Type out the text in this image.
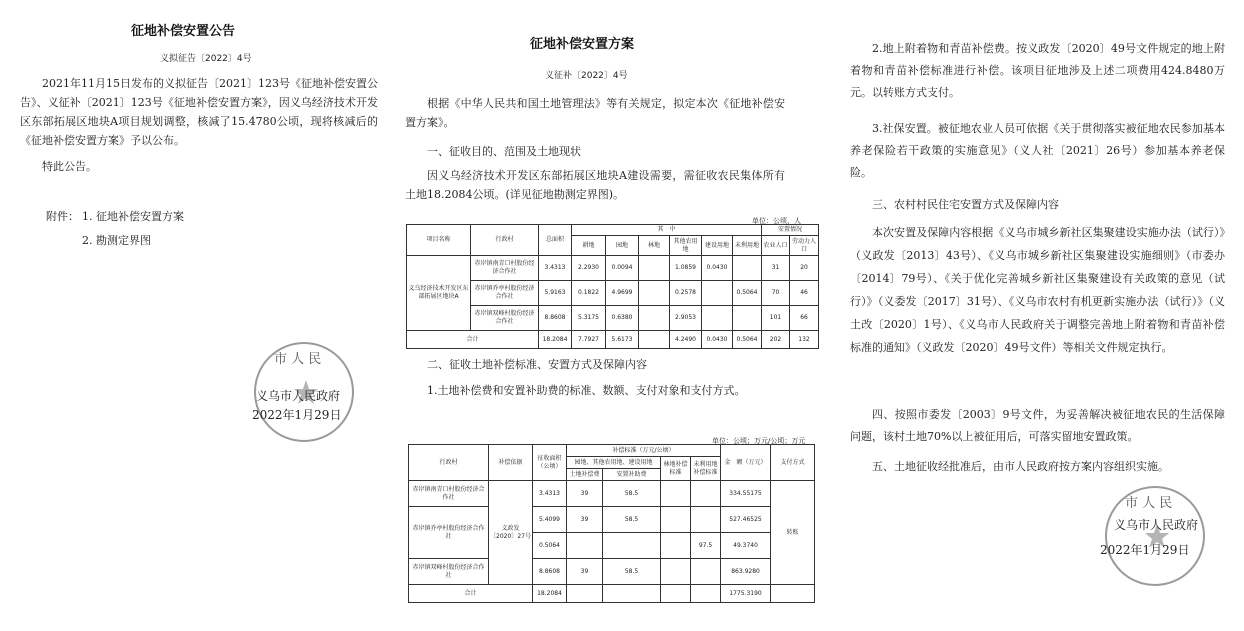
征地补偿安置公告
义拟征告〔2022〕4号

2021年11月15日发布的义拟征告〔2021〕123号《征地补偿安置公告》、义征补〔2021〕123号《征地补偿安置方案》，因义乌经济技术开发区东部拓展区地块A项目规划调整，核减了15.4780公顷，现将核减后的《征地补偿安置方案》予以公布。

特此公告。

附件： 1. 征地补偿安置方案
2. 勘测定界图
市 人 民
义乌市人民政府
2022年1月29日
征地补偿安置方案
义征补〔2022〕4号

根据《中华人民共和国土地管理法》等有关规定，拟定本次《征地补偿安置方案》。

一、征收目的、范围及土地现状

因义乌经济技术开发区东部拓展区地块A建设需要，需征收农民集体所有土地18.2084公顷。(详见征地勘测定界图)。

单位：公顷、人
项目名称	行政村	总面积	其　中						安置情况	
			耕地	园地	林地	其他农用地	建设用地	未利用地	农业人口	劳动力人口
义乌经济技术开发区东部拓展区地块A	赤岸镇南青口村股份经济合作社	3.4313	2.2930	0.0094		1.0859	0.0430		31	20
	赤岸镇乔亭村股份经济合作社	5.9163	0.1822	4.9699		0.2578		0.5064	70	46
	赤岸镇双峰村股份经济合作社	8.8608	5.3175	0.6380		2.9053			101	66
合计		18.2084	7.7927	5.6173		4.2490	0.0430	0.5064	202	132
二、征收土地补偿标准、安置方式及保障内容

1.土地补偿费和安置补助费的标准、数额、支付对象和支付方式。

单位：公顷；万元/公顷；万元
行政村	补偿依据	征收面积（公顷）	补偿标准（万元/公顷）				金　额（万元）	支付方式
			园地、其他农用地、建设用地		林地补偿标准	未利用地补偿标准		
			土地补偿费	安置补助费				
赤岸镇南青口村股份经济合作社	义政发〔2020〕27号	3.4313	39	58.5			334.55175	转账
赤岸镇乔亭村股份经济合作社		5.4099	39	58.5			527.46525	
		0.5064				97.5	49.3740	
赤岸镇双峰村股份经济合作社		8.8608	39	58.5			863.9280	
合计		18.2084					1775.3190	

2.地上附着物和青苗补偿费。按义政发〔2020〕49号文件规定的地上附着物和青苗补偿标准进行补偿。该项目征地涉及上述二项费用424.8480万元。以转账方式支付。

3.社保安置。被征地农业人员可依据《关于贯彻落实被征地农民参加基本养老保险若干政策的实施意见》（义人社〔2021〕26号）参加基本养老保险。

三、农村村民住宅安置方式及保障内容

本次安置及保障内容根据《义乌市城乡新社区集聚建设实施办法（试行）》（义政发〔2013〕43号）、《义乌市城乡新社区集聚建设实施细则》（市委办〔2014〕79号）、《关于优化完善城乡新社区集聚建设有关政策的意见（试行）》（义委发〔2017〕31号）、《义乌市农村有机更新实施办法（试行）》（义土改〔2020〕1号）、《义乌市人民政府关于调整完善地上附着物和青苗补偿标准的通知》（义政发〔2020〕49号文件）等相关文件规定执行。

四、按照市委发〔2003〕9号文件，为妥善解决被征地农民的生活保障问题，该村土地70%以上被征用后，可落实留地安置政策。

五、土地征收经批准后，由市人民政府按方案内容组织实施。

市 人 民
义乌市人民政府
2022年1月29日
